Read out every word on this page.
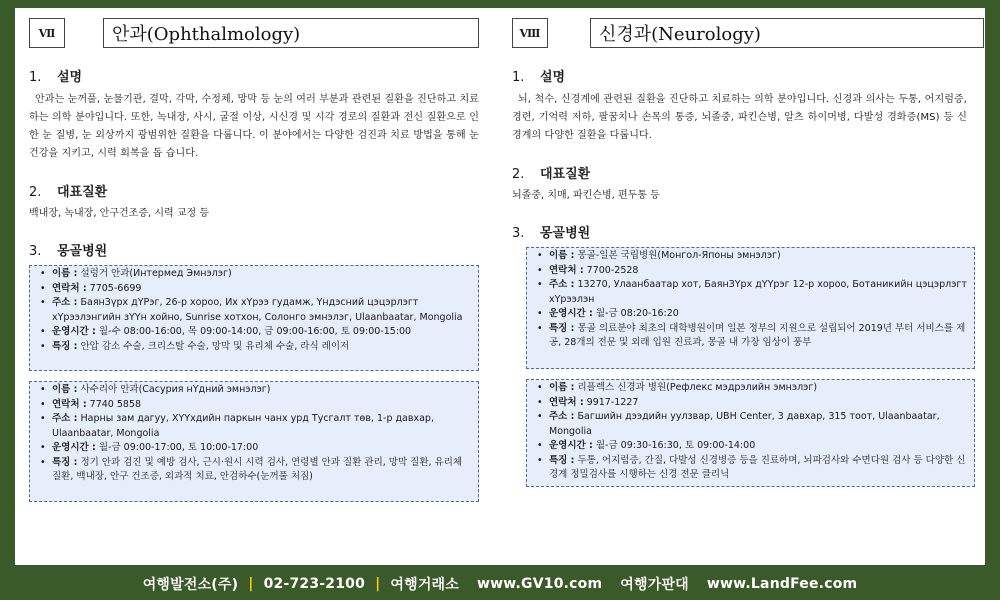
Ⅶ	안과(Ophthalmology)
1. 설명

안과는 눈꺼풀, 눈물기관, 결막, 각막, 수정체, 망막 등 눈의 여러 부분과 관련된 질환을 진단하고 치료하는 의학 분야입니다. 또한, 녹내장, 사시, 굴절 이상, 시신경 및 시각 경로의 질환과 전신 질환으로 인한 눈 질병, 눈 외상까지 광범위한 질환을 다룹니다. 이 분야에서는 다양한 검진과 치료 방법을 통해 눈 건강을 지키고, 시력 회복을 돕 습니다.

2. 대표질환

백내장, 녹내장, 안구건조증, 시력 교정 등

3. 몽골병원
• 이름 : 설렁거 안과(Интермед Эмнэлэг)
• 연락처 : 7705-6699
• 주소 : БаянЗүрх дҮРэг, 26-р хороо, Их хҮрээ гудамж, Үндэсний цэцэрлэгт хҮрээлэнгийн зҮҮн хойно, Sunrise хотхон, Солонго эмнэлэг, Ulaanbaatar, Mongolia
• 운영시간 : 월-수 08:00-16:00, 목 09:00-14:00, 금 09:00-16:00, 토 09:00-15:00
• 특징 : 안압 감소 수술, 크리스탈 수술, 망막 및 유리체 수술, 라식 레이저
• 이름 : 사수리아 안과(Сасурия нҮдний эмнэлэг)
• 연락처 : 7740 5858
• 주소 : Нарны зам дагуу, ХҮҮхдийн паркын чанх урд Тусгалт төв, 1-р давхар, Ulaanbaatar, Mongolia
• 운영시간 : 월-금 09:00-17:00, 토 10:00-17:00
• 특징 : 정기 안과 검진 및 예방 검사, 근시·원시 시력 검사, 연령별 안과 질환 관리, 망막 질환, 유리체 질환, 백내장, 안구 건조증, 외과적 치료, 안검하수(눈꺼풀 처짐)
Ⅷ	신경과(Neurology)
1. 설명

뇌, 척수, 신경계에 관련된 질환을 진단하고 치료하는 의학 분야입니다. 신경과 의사는 두통, 어지럼증, 경련, 기억력 저하, 팔꿈치나 손목의 통증, 뇌졸중, 파킨슨병, 알츠 하이머병, 다발성 경화증(MS) 등 신경계의 다양한 질환을 다룹니다.

2. 대표질환

뇌졸중, 치매, 파킨슨병, 편두통 등

3. 몽골병원
• 이름 : 몽골-일본 국립병원(Монгол-Японы эмнэлэг)
• 연락처 : 7700-2528
• 주소 : 13270, Улаанбаатар хот, БаянЗҮрх дҮҮрэг 12-р хороо, Ботаникийн цэцэрлэгт хҮрээлэн
• 운영시간 : 월-금 08:20-16:20
• 특징 : 몽골 의료분야 최초의 대학병원이며 일본 정부의 지원으로 설립되어 2019년 부터 서비스를 제공, 28개의 전문 및 외래 입원 진료과, 몽골 내 가장 임상이 풍부
• 이름 : 리플렉스 신경과 병원(Рефлекс мэдрэлийн эмнэлэг)
• 연락처 : 9917-1227
• 주소 : Багшийн дээдийн уулзвар, UBH Center, 3 давхар, 315 тоот, Ulaanbaatar, Mongolia
• 운영시간 : 월-금 09:30-16:30, 토 09:00-14:00
• 특징 : 두통, 어지럼증, 간질, 다발성 신경병증 등을 진료하며, 뇌파검사와 수면다원 검사 등 다양한 신경계 정밀검사를 시행하는 신경 전문 클리닉
여행발전소(주) | 02-723-2100 | 여행거래소 www.GV10.com 여행가판대 www.LandFee.com
